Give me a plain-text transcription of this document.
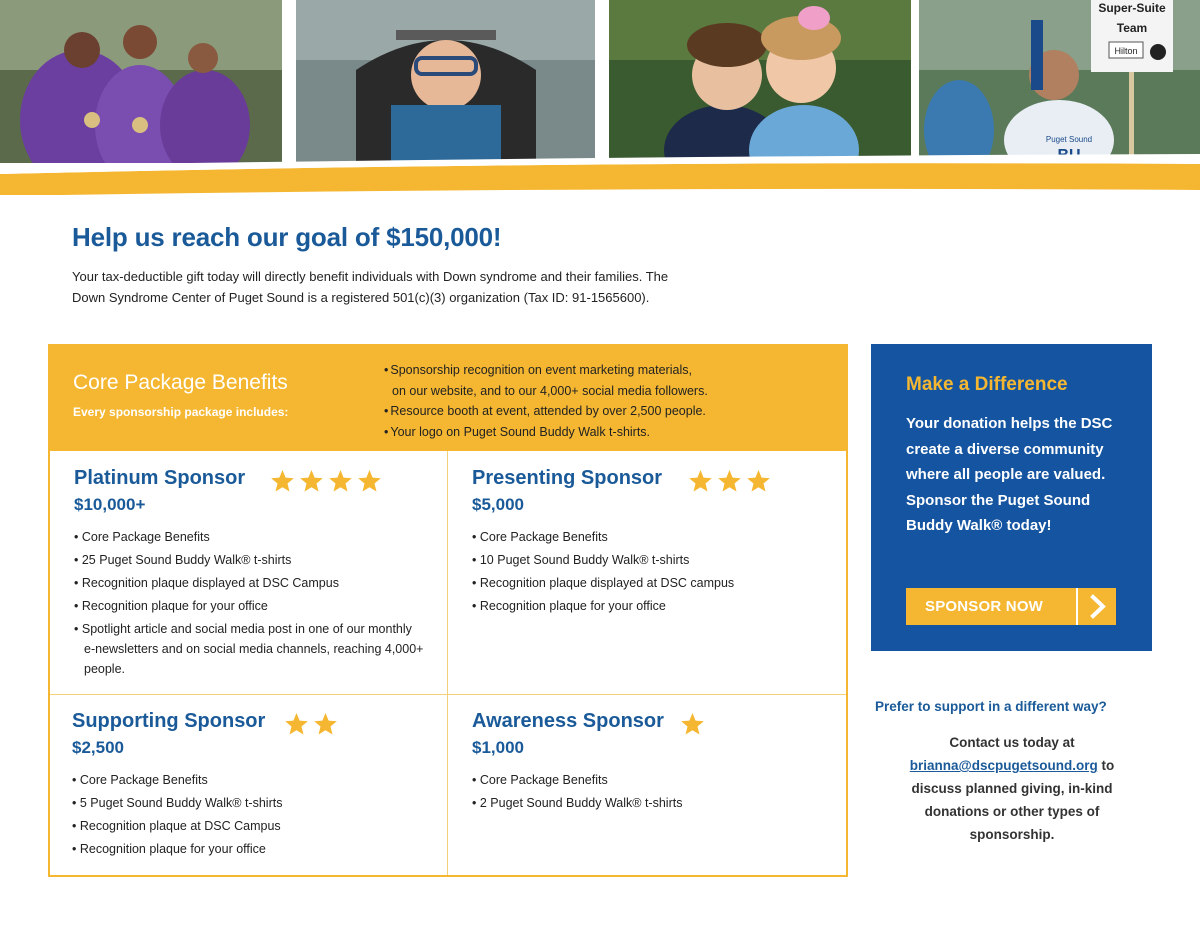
Super-Suite
Team
Hilton
Puget Sound
Help us reach our goal of $150,000!

Your tax-deductible gift today will directly benefit individuals with Down syndrome and their families. The
Down Syndrome Center of Puget Sound is a registered 501(c)(3) organization (Tax ID: 91-1565600).

Core Package Benefits
Every sponsorship package includes:
• Sponsorship recognition on event marketing materials,
on our website, and to our 4,000+ social media followers.
• Resource booth at event, attended by over 2,500 people.
• Your logo on Puget Sound Buddy Walk t-shirts.
Platinum Sponsor
$10,000+
• Core Package Benefits
• 25 Puget Sound Buddy Walk® t-shirts
• Recognition plaque displayed at DSC Campus
• Recognition plaque for your office
• Spotlight article and social media post in one of our monthly e-newsletters and on social media channels, reaching 4,000+ people.
Presenting Sponsor
$5,000
• Core Package Benefits
• 10 Puget Sound Buddy Walk® t-shirts
• Recognition plaque displayed at DSC campus
• Recognition plaque for your office
Supporting Sponsor
$2,500
• Core Package Benefits
• 5 Puget Sound Buddy Walk® t-shirts
• Recognition plaque at DSC Campus
• Recognition plaque for your office
Awareness Sponsor
$1,000
• Core Package Benefits
• 2 Puget Sound Buddy Walk® t-shirts
Make a Difference
Your donation helps the DSC create a diverse community where all people are valued. Sponsor the Puget Sound Buddy Walk® today!
SPONSOR NOW
Prefer to support in a different way?
Contact us today at
brianna@dscpugetsound.org to discuss planned giving, in-kind donations or other types of sponsorship.
